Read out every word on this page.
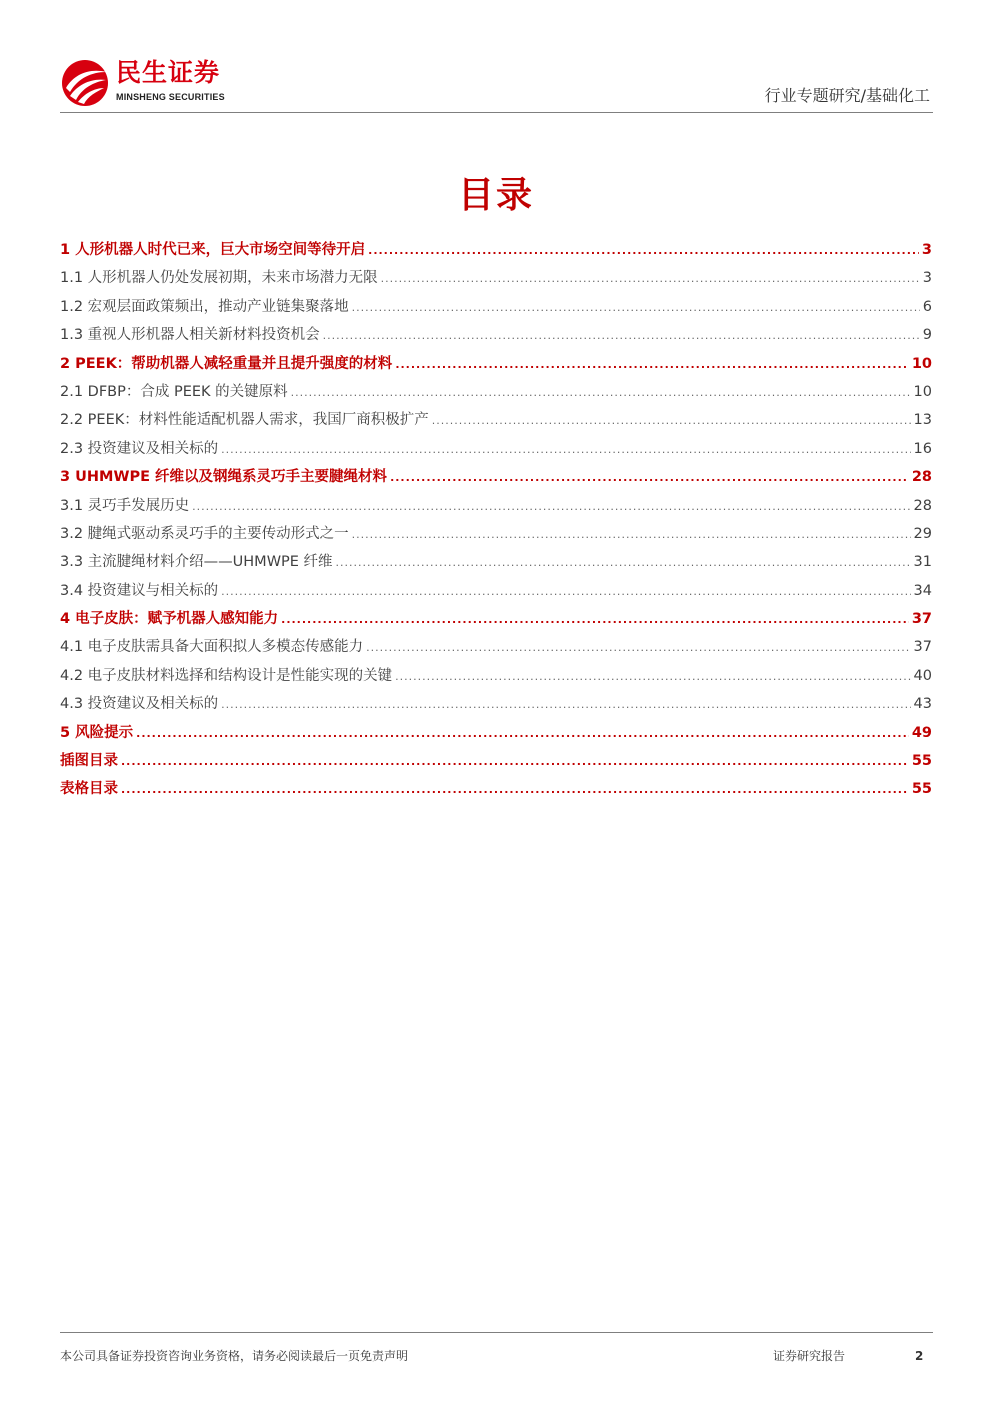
民生证券
MINSHENG SECURITIES	行业专题研究/基础化工
目录
1 人形机器人时代已来，巨大市场空间等待开启 .....	3
1.1 人形机器人仍处发展初期，未来市场潜力无限 .....	3
1.2 宏观层面政策频出，推动产业链集聚落地 .....	6
1.3 重视人形机器人相关新材料投资机会 .....	9
2 PEEK：帮助机器人减轻重量并且提升强度的材料 .....	10
2.1 DFBP：合成 PEEK 的关键原料 .....	10
2.2 PEEK：材料性能适配机器人需求，我国厂商积极扩产 .....	13
2.3 投资建议及相关标的 .....	16
3 UHMWPE 纤维以及钢绳系灵巧手主要腱绳材料 .....	28
3.1 灵巧手发展历史 .....	28
3.2 腱绳式驱动系灵巧手的主要传动形式之一 .....	29
3.3 主流腱绳材料介绍——UHMWPE 纤维 .....	31
3.4 投资建议与相关标的 .....	34
4 电子皮肤：赋予机器人感知能力 .....	37
4.1 电子皮肤需具备大面积拟人多模态传感能力 .....	37
4.2 电子皮肤材料选择和结构设计是性能实现的关键 .....	40
4.3 投资建议及相关标的 .....	43
5 风险提示 .....	49
插图目录 .....	55
表格目录 .....	55
本公司具备证券投资咨询业务资格，请务必阅读最后一页免责声明	证券研究报告	2
